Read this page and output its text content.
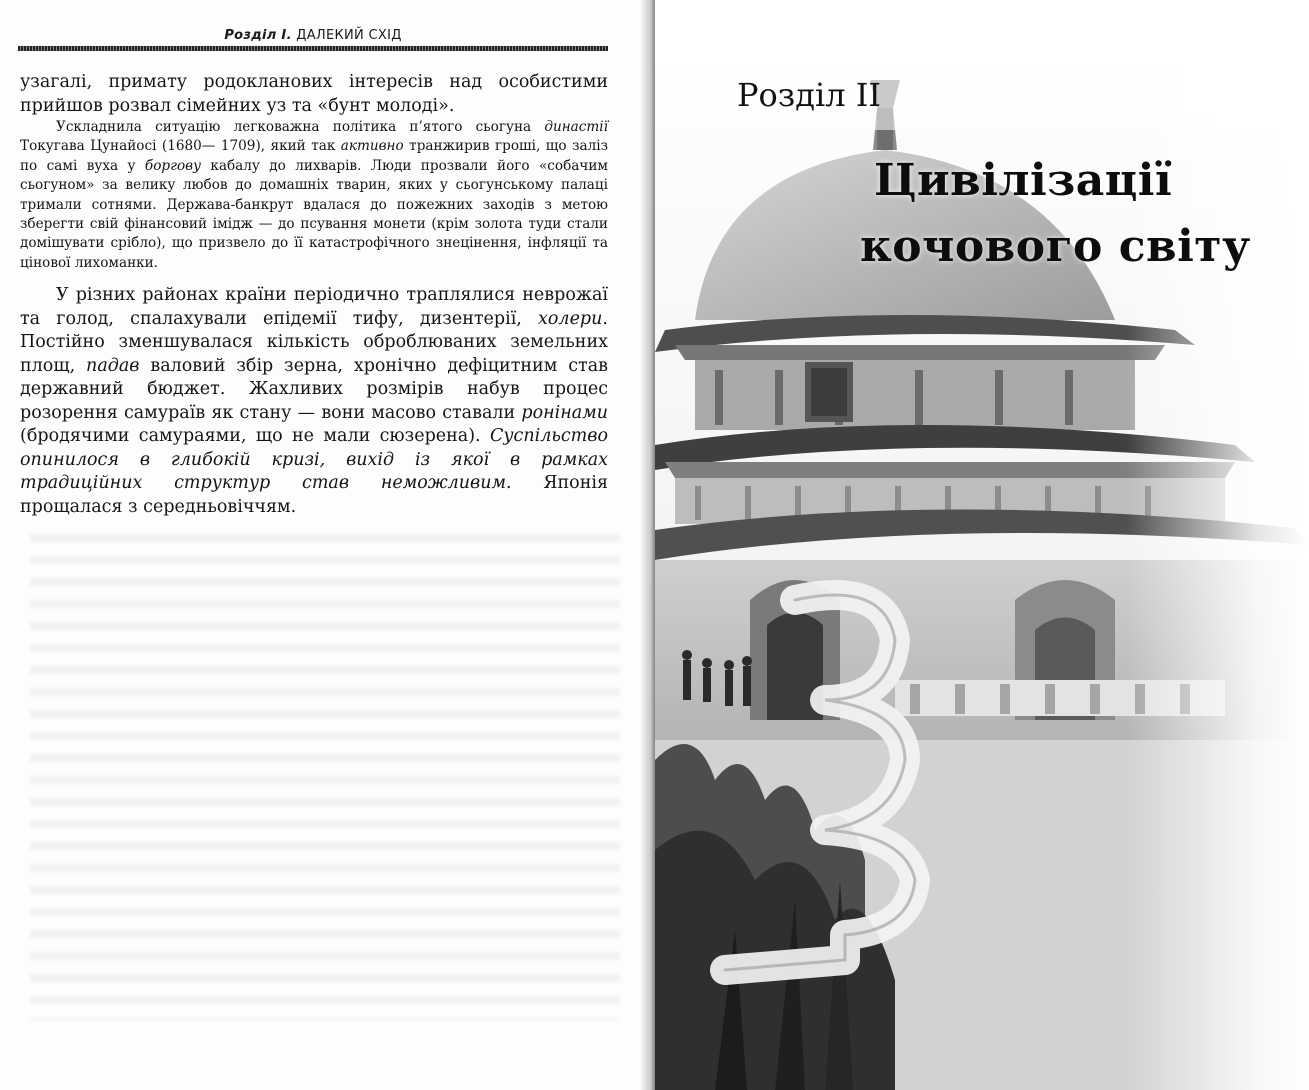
Розділ I. ДАЛЕКИЙ СХІД

узагалі, примату родоклановиx інтересів над особистими прийшов розвал сімейних уз та «бунт молоді».

Ускладнила ситуацію легковажна політика п’ятого сьогуна династії Токугава Цунайосі (1680— 1709), який так активно транжирив гроші, що заліз по самі вуха у боргову кабалу до лихварів. Люди прозвали його «собачим сьогуном» за велику любов до домашніх тварин, яких у сьогунському палаці тримали сотнями. Держава-банкрут вдалася до пожежних заходів з метою зберегти свій фінансовий імідж — до псування монети (крім золота туди стали домішувати срібло), що призвело до її катастрофічного знецінення, інфляції та цінової лихоманки.

У різних районах країни періодично траплялися неврожаї та голод, спалахували епідемії тифу, дизентерії, холери. Постійно зменшувалася кількість оброблюваних земельних площ, падав валовий збір зерна, хронічно дефіцитним став державний бюджет. Жахливих розмірів набув процес розорення самураїв як стану — вони масово ставали ронінами (бродячими самураями, що не мали сюзерена). Суспільство опинилося в глибокій кризі, вихід із якої в рамках традиційних структур став неможливим. Японія прощалася з середньовіччям.

Розділ II
Цивілізації
кочового світу
